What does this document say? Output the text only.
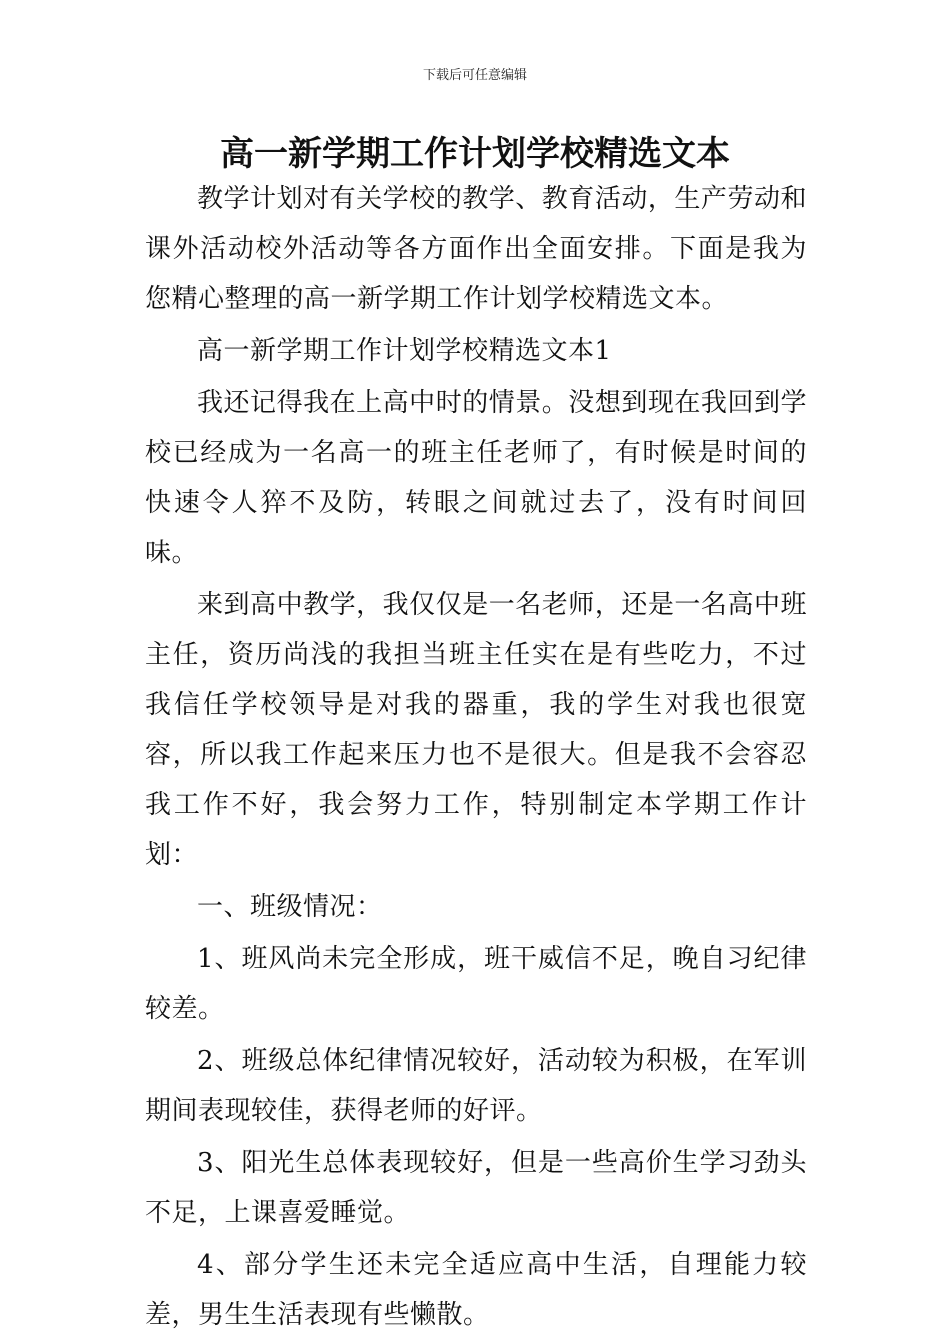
下载后可任意编辑
高一新学期工作计划学校精选文本

教学计划对有关学校的教学、教育活动，生产劳动和课外活动校外活动等各方面作出全面安排。下面是我为您精心整理的高一新学期工作计划学校精选文本。

高一新学期工作计划学校精选文本1

我还记得我在上高中时的情景。没想到现在我回到学校已经成为一名高一的班主任老师了，有时候是时间的快速令人猝不及防，转眼之间就过去了，没有时间回味。

来到高中教学，我仅仅是一名老师，还是一名高中班主任，资历尚浅的我担当班主任实在是有些吃力，不过我信任学校领导是对我的器重，我的学生对我也很宽容，所以我工作起来压力也不是很大。但是我不会容忍我工作不好，我会努力工作，特别制定本学期工作计划：

一、班级情况：

1、班风尚未完全形成，班干威信不足，晚自习纪律较差。

2、班级总体纪律情况较好，活动较为积极，在军训期间表现较佳，获得老师的好评。

3、阳光生总体表现较好，但是一些高价生学习劲头不足，上课喜爱睡觉。

4、部分学生还未完全适应高中生活，自理能力较差，男生生活表现有些懒散。
